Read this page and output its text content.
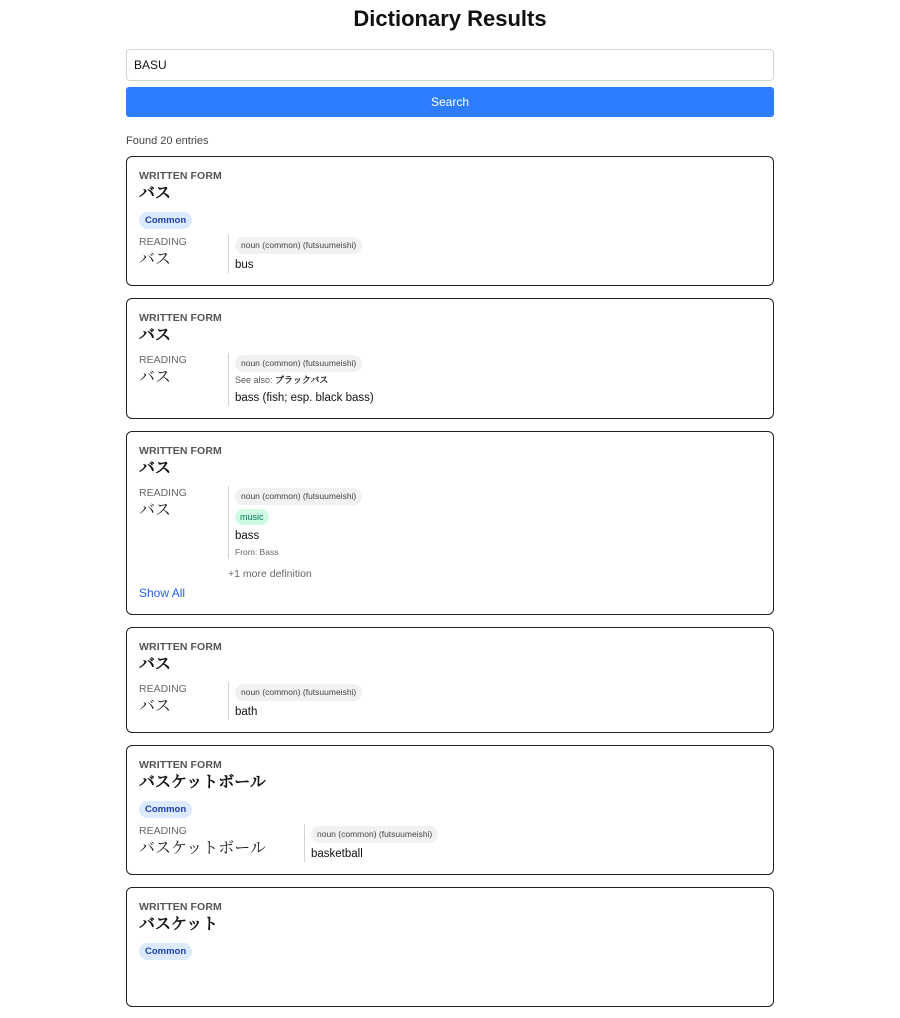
Dictionary Results
BASU Search
Found 20 entries
WRITTEN FORM
バス
Common
READING
バス
noun (common) (futsuumeishi)
bus
WRITTEN FORM
バス
READING
バス
noun (common) (futsuumeishi)
See also: ブラックバス
bass (fish; esp. black bass)
WRITTEN FORM
バス
READING
バス
noun (common) (futsuumeishi)
music
bass
From: Bass
+1 more definition
Show All
WRITTEN FORM
バス
READING
バス
noun (common) (futsuumeishi)
bath
WRITTEN FORM
バスケットボール
Common
READING
バスケットボール
noun (common) (futsuumeishi)
basketball
WRITTEN FORM
バスケット
Common
